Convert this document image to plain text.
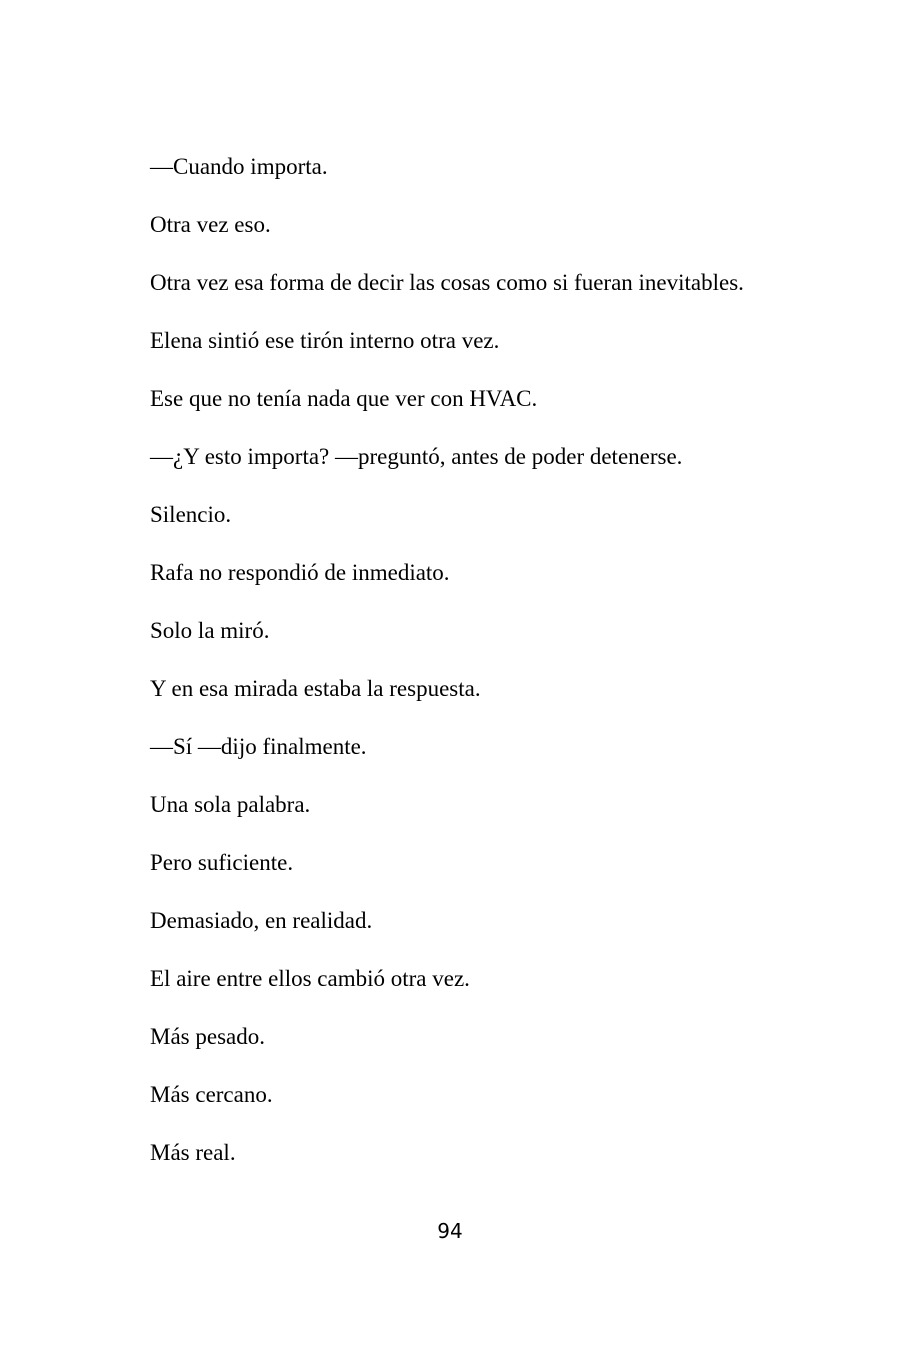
—Cuando importa.

Otra vez eso.

Otra vez esa forma de decir las cosas como si fueran inevitables.

Elena sintió ese tirón interno otra vez.

Ese que no tenía nada que ver con HVAC.

—¿Y esto importa? —preguntó, antes de poder detenerse.

Silencio.

Rafa no respondió de inmediato.

Solo la miró.

Y en esa mirada estaba la respuesta.

—Sí —dijo finalmente.

Una sola palabra.

Pero suficiente.

Demasiado, en realidad.

El aire entre ellos cambió otra vez.

Más pesado.

Más cercano.

Más real.

94
